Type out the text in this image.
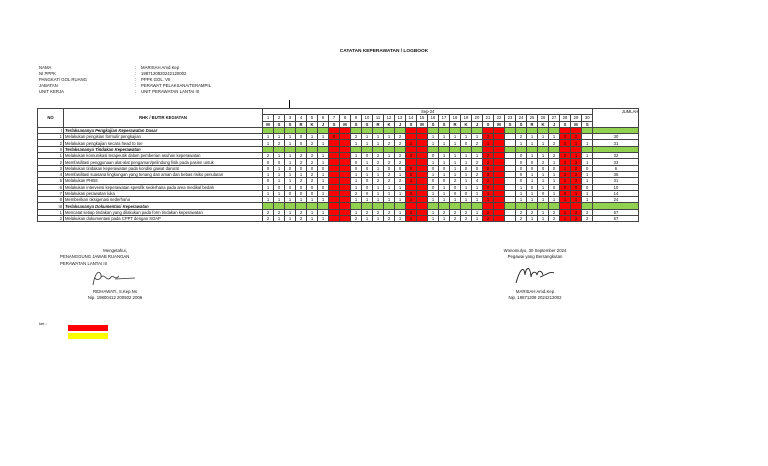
CATATAN KEPERAWATAN / LOGBOOK
NAMA	:	MARISAH Amd.Kep
NI PPPK	:	1987120820242120002
PANGKAT/ GOL RUANG	:	PPPK GOL. VII
JABATAN	:	PERAWAT PELAKSANA/TERAMPIL
UNIT KERJA	:	UNIT PERAWATAN LANTAI III
NO	RHK / BUTIR KEGIATAN	Sep-24																														JUMLAH
		1	2	3	4	5	6	7	8	9	10	11	12	13	14	15	16	17	18	19	20	21	22	23	24	25	26	27	28	29	30	
		M	S	S	R	K	J	S	M	S	S	R	K	J	S	M	S	S	R	K	J	S	M	S	S	R	K	J	S	M	S	
I	Terlaksananya Pengkajian Keperawatan Dasar																															
1	Melakukan pengisian formulir pengkajian	1	1	1	0	1	1	0		2	1	1	1	2			1	1	1	1	1	2			2	1	1	1	2	2		30
2	Melakukan pengkajian secara head to toe	1	2	1	0	2	1			1	1	1	2	2	2		1	1	1	0	2	1			1	1	1	2	2	1	1	31
II	Terlaksananya Tindakan Keperawatan																															
1	Melakukan komunikasi terapeutik dalam pemberian asuhan keperawatan	2	1	1	2	2	1			1	0	2	1	2	2		0	1	1	1	1	2			0	1	1	2	2	1	1	32
2	Memfasilitasi penggunaan alat-alat pengaman/pelindung fisik pada pasien untuk	0	0	1	2	2	1			0	1	2	2	2			1	1	1	1	2	2			0	0	2	1	2	2	1	33
3	Melakukan tindakan keperawatan pada kondisi gawat darurat	0	1	0	0	0	0			0	0	1	0	0	0		0	0	1	0	0	0			0	0	0	0	1	0	0	6
4	Memfasilitasi suasana lingkungan yang tenang dan aman dan bebas risiko penularan	1	1	1	1	2	1			1	1	1	2	1	2		1	1	1	1	2	2			0	1	1	1	2	2	1	36
5	Melakukan PHBS	0	1	1	2	2	1			1	0	2	2	2	1		0	0	2	1	4	2			0	1	1	1	2	2	1	31
6	Melakukan intervensi keperawatan spesifik sederhana pada area medikal bedah	1	0	0	0	0	0			1	0	1	1	1			0	1	0	1	1	0			1	0	1	0	0	0	0	10
7	Melakukan perawatan luka	1	1	0	0	0	1			2	0	1	1	1	0		1	1	0	0	1	1			1	1	0	1	0	1	1	14
8	Memberikan oksigenasi sederhana	1	1	1	1	1	1			1	1	1	1	1	1		1	1	1	1	1	1			1	1	1	1	1	1	1	24
III	Terlaksananya Dokumentasi Keperawatan																															
1	Mencatat setiap tindakan yang dilakukan pada form tindakan keperawatan	2	2	1	2	1	1			1	2	2	2	1	2		1	2	2	2	1	2			2	2	1	2	1	2	2	57
2	Melakukan dokumentasi pada CPPT dengan SOAP	2	1	1	2	1	1			2	1	1	2	1	2		1	1	2	2	1	2			2	1	1	2	1	2	2	57
Mengetahui,
PENANGGUNG JAWAB RUANGAN
PERAWATAN LANTAI III
RIDHAWATI, S.Kep.Ns
Nip. 19800412 200502 2006
Wonomulyo, 30 September 2024
Pegawai yang Bersangkutan
MARISAH Amd.Kep
Nip. 19871208 2024212002
ket :
